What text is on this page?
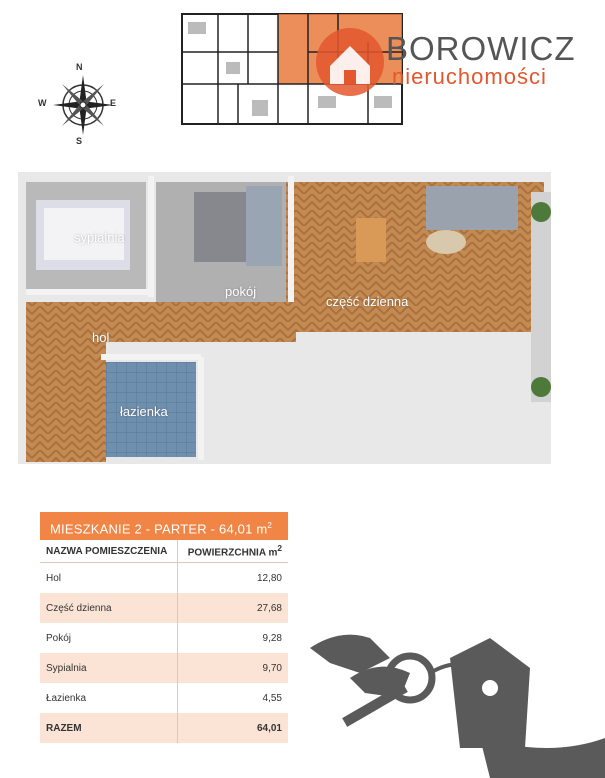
BOROWICZ
nieruchomości
N
S
E
W
sypialnia
pokój
część dzienna
hol
łazienka
MIESZKANIE 2 - PARTER - 64,01 $m^2$
NAZWA POMIESZCZENIA	POWIERZCHNIA $m^2$
Hol	12,80
Część dzienna	27,68
Pokój	9,28
Sypialnia	9,70
Łazienka	4,55
RAZEM	64,01
